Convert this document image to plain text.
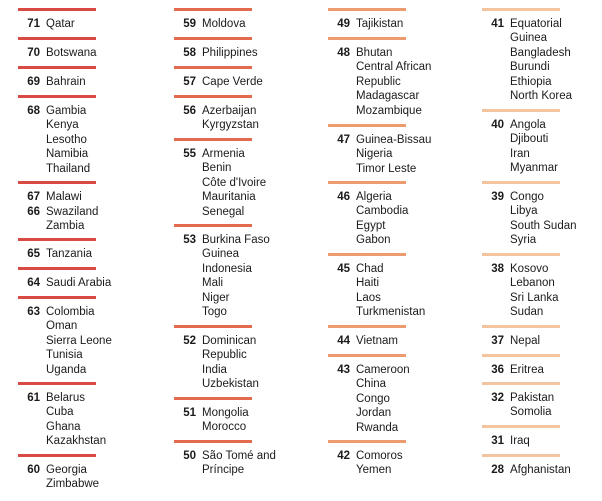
71 Qatar
70 Botswana
69 Bahrain
68 Gambia
Kenya
Lesotho
Namibia
Thailand
67 Malawi
66 Swaziland
Zambia
65 Tanzania
64 Saudi Arabia
63 Colombia
Oman
Sierra Leone
Tunisia
Uganda
61 Belarus
Cuba
Ghana
Kazakhstan
60 Georgia
Zimbabwe
59 Moldova
58 Philippines
57 Cape Verde
56 Azerbaijan
Kyrgyzstan
55 Armenia
Benin
Côte d'Ivoire
Mauritania
Senegal
53 Burkina Faso
Guinea
Indonesia
Mali
Niger
Togo
52 Dominican
Republic
India
Uzbekistan
51 Mongolia
Morocco
50 São Tomé and
Príncipe
49 Tajikistan
48 Bhutan
Central African
Republic
Madagascar
Mozambique
47 Guinea-Bissau
Nigeria
Timor Leste
46 Algeria
Cambodia
Egypt
Gabon
45 Chad
Haiti
Laos
Turkmenistan
44 Vietnam
43 Cameroon
China
Congo
Jordan
Rwanda
42 Comoros
Yemen
41 Equatorial
Guinea
Bangladesh
Burundi
Ethiopia
North Korea
40 Angola
Djibouti
Iran
Myanmar
39 Congo
Libya
South Sudan
Syria
38 Kosovo
Lebanon
Sri Lanka
Sudan
37 Nepal
36 Eritrea
32 Pakistan
Somolia
31 Iraq
28 Afghanistan
